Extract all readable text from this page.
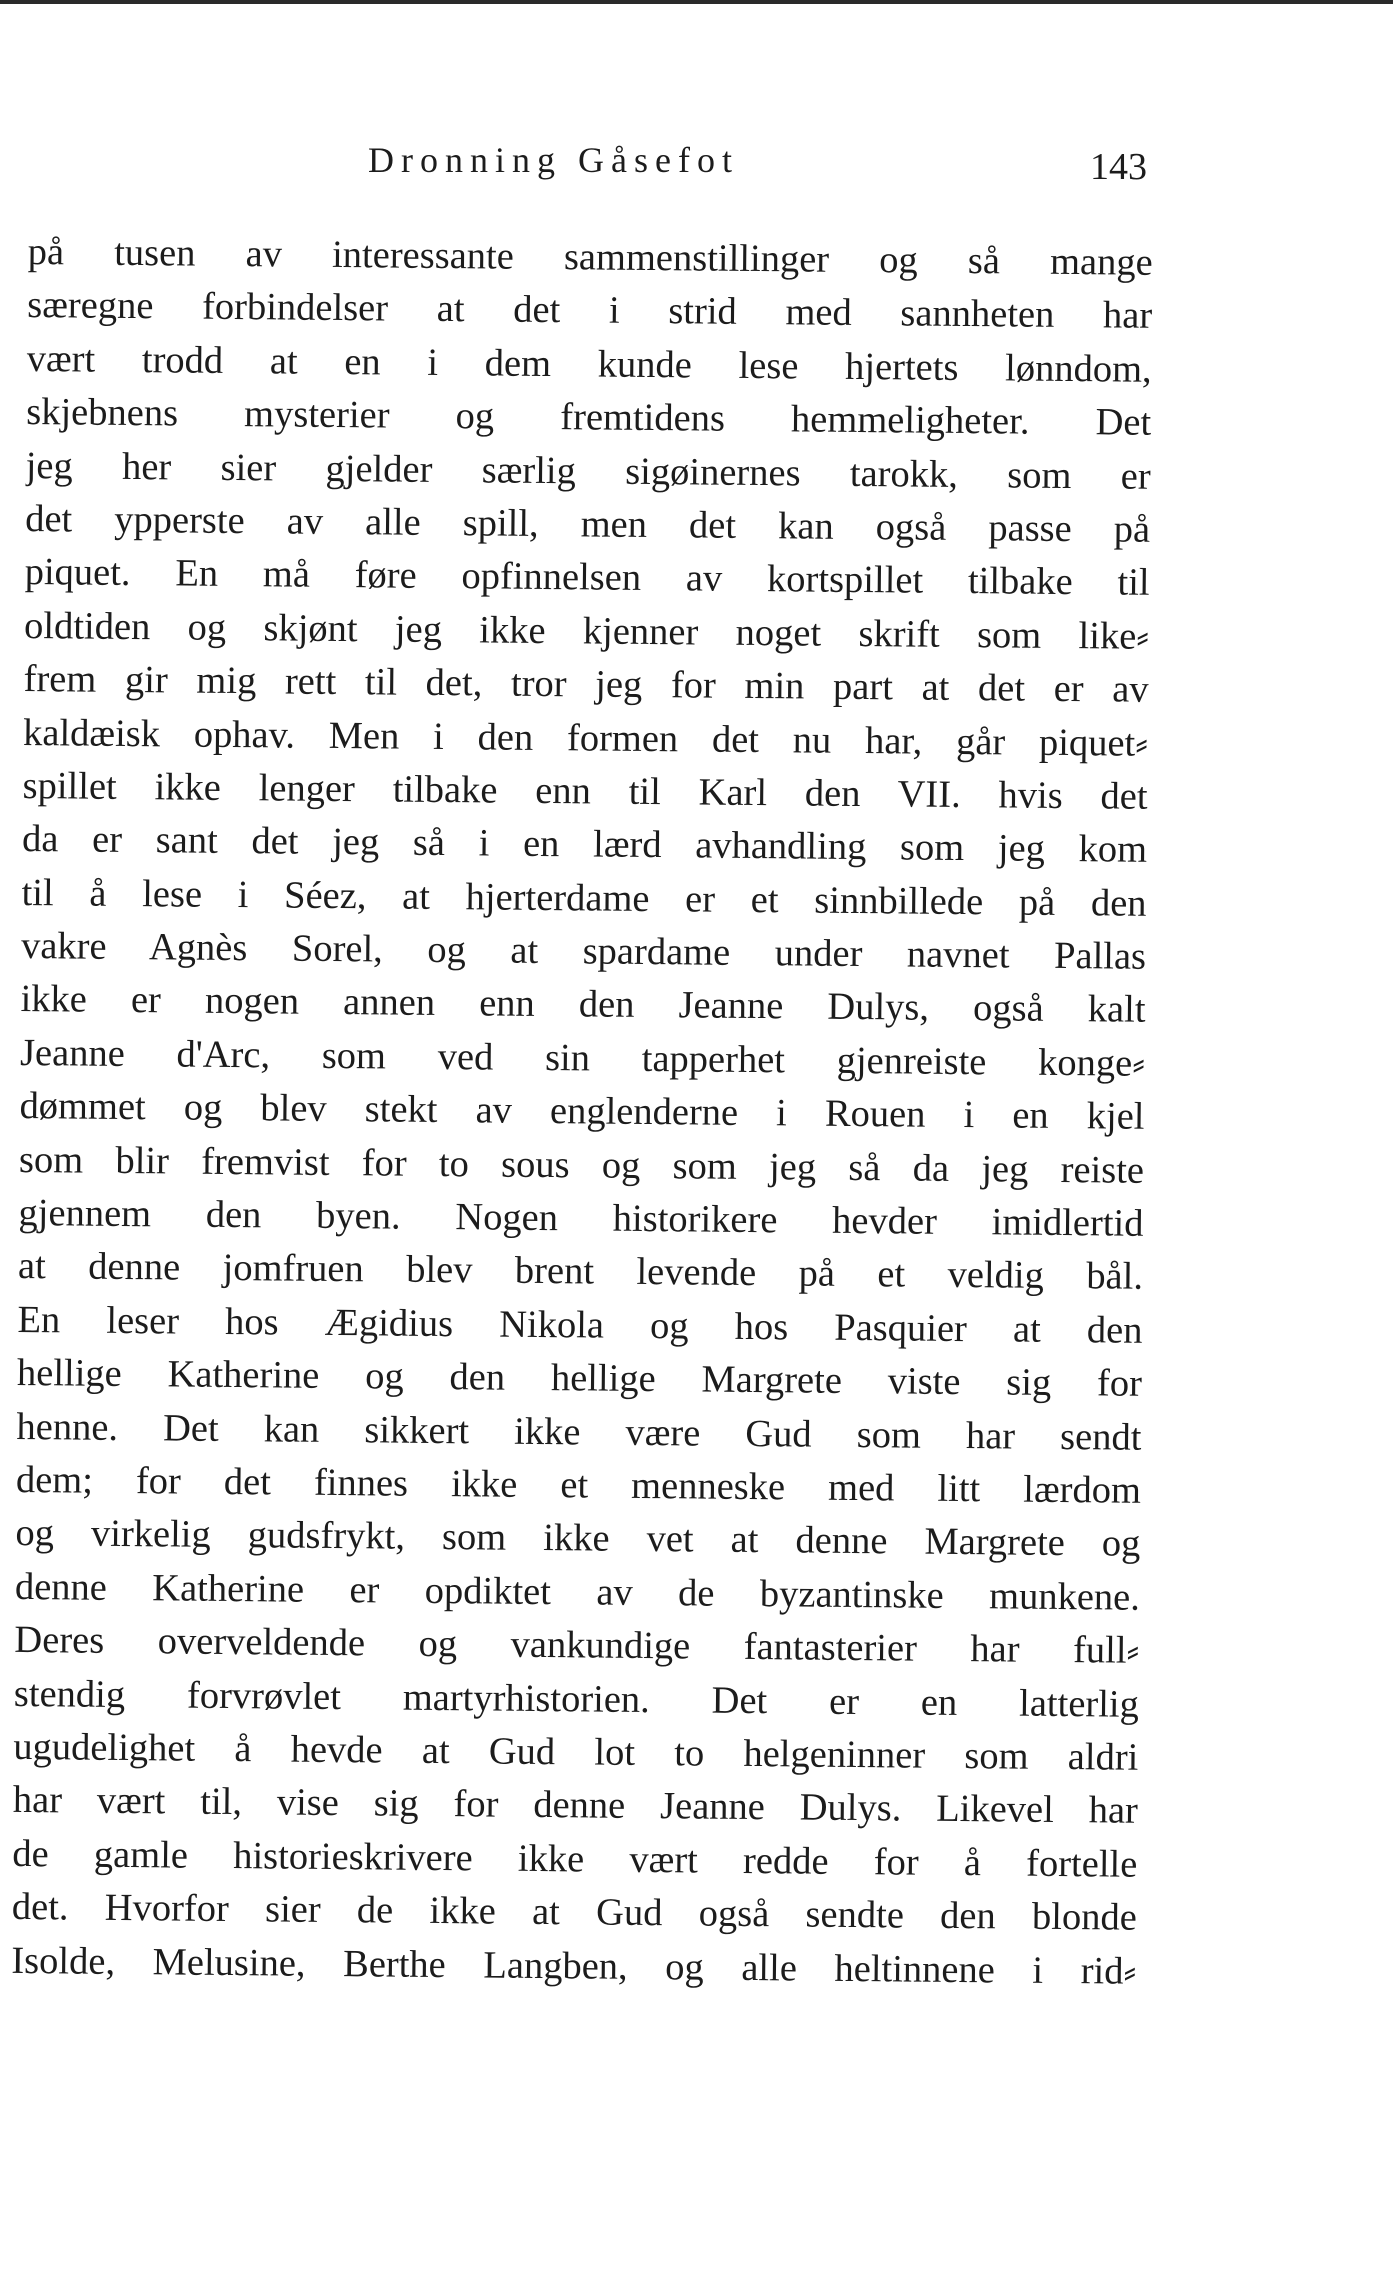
Dronning Gåsefot	143
på tusen av interessante sammenstillinger og så mange
særegne forbindelser at det i strid med sannheten har
vært trodd at en i dem kunde lese hjertets lønndom,
skjebnens mysterier og fremtidens hemmeligheter. Det
jeg her sier gjelder særlig sigøinernes tarokk, som er
det ypperste av alle spill, men det kan også passe på
piquet. En må føre opfinnelsen av kortspillet tilbake til
oldtiden og skjønt jeg ikke kjenner noget skrift som like⸗
frem gir mig rett til det, tror jeg for min part at det er av
kaldæisk ophav. Men i den formen det nu har, går piquet⸗
spillet ikke lenger tilbake enn til Karl den VII. hvis det
da er sant det jeg så i en lærd avhandling som jeg kom
til å lese i Séez, at hjerterdame er et sinnbillede på den
vakre Agnès Sorel, og at spardame under navnet Pallas
ikke er nogen annen enn den Jeanne Dulys, også kalt
Jeanne d'Arc, som ved sin tapperhet gjenreiste konge⸗
dømmet og blev stekt av englenderne i Rouen i en kjel
som blir fremvist for to sous og som jeg så da jeg reiste
gjennem den byen. Nogen historikere hevder imidlertid
at denne jomfruen blev brent levende på et veldig bål.
En leser hos Ægidius Nikola og hos Pasquier at den
hellige Katherine og den hellige Margrete viste sig for
henne. Det kan sikkert ikke være Gud som har sendt
dem; for det finnes ikke et menneske med litt lærdom
og virkelig gudsfrykt, som ikke vet at denne Margrete og
denne Katherine er opdiktet av de byzantinske munkene.
Deres overveldende og vankundige fantasterier har full⸗
stendig forvrøvlet martyrhistorien. Det er en latterlig
ugudelighet å hevde at Gud lot to helgeninner som aldri
har vært til, vise sig for denne Jeanne Dulys. Likevel har
de gamle historieskrivere ikke vært redde for å fortelle
det. Hvorfor sier de ikke at Gud også sendte den blonde
Isolde, Melusine, Berthe Langben, og alle heltinnene i rid⸗
